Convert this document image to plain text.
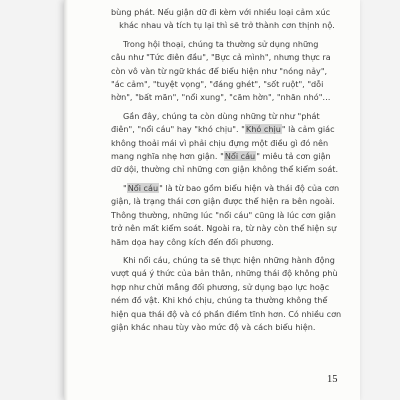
bùng phát. Nếu giận dữ đi kèm với nhiều loại cảm xúc
khác nhau và tích tụ lại thì sẽ trở thành cơn thịnh nộ.
Trong hội thoại, chúng ta thường sử dụng những
câu như "Tức điên đầu", "Bực cả mình", nhưng thực ra
còn vô vàn từ ngữ khác để biểu hiện như "nóng nảy",
"ác cảm", "tuyệt vọng", "đáng ghét", "sốt ruột", "dỗi
hờn", "bất mãn", "nổi xung", "căm hờn", "nhăn nhó"…
Gần đây, chúng ta còn dùng những từ như "phát
điên", "nổi cáu" hay "khó chịu". "Khó chịu" là cảm giác
không thoải mái vì phải chịu đựng một điều gì đó nên
mang nghĩa nhẹ hơn giận. "Nổi cáu" miêu tả cơn giận
dữ dội, thường chỉ những cơn giận không thể kiểm soát.
"Nổi cáu" là từ bao gồm biểu hiện và thái độ của cơn
giận, là trạng thái cơn giận được thể hiện ra bên ngoài.
Thông thường, những lúc "nổi cáu" cũng là lúc cơn giận
trở nên mất kiểm soát. Ngoài ra, từ này còn thể hiện sự
hăm dọa hay công kích đến đối phương.
Khi nổi cáu, chúng ta sẽ thực hiện những hành động
vượt quá ý thức của bản thân, những thái độ không phù
hợp như chửi mắng đối phương, sử dụng bạo lực hoặc
ném đồ vật. Khi khó chịu, chúng ta thường không thể
hiện qua thái độ và có phần điềm tĩnh hơn. Có nhiều cơn
giận khác nhau tùy vào mức độ và cách biểu hiện.
15
